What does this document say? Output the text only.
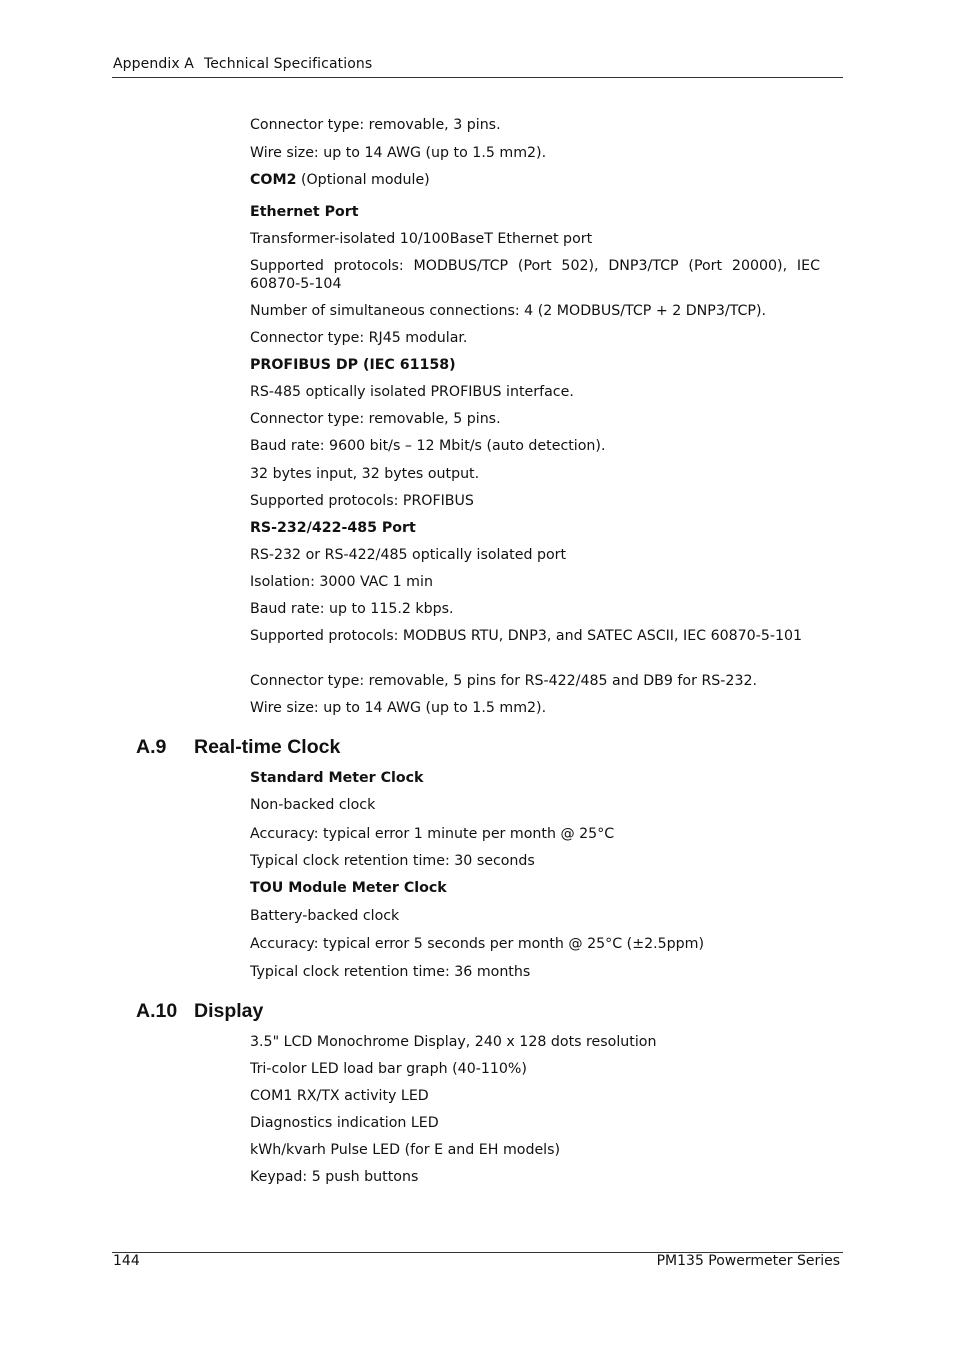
Appendix A Technical Specifications
Connector type: removable, 3 pins.
Wire size: up to 14 AWG (up to 1.5 mm2).
COM2 (Optional module)
Ethernet Port
Transformer-isolated 10/100BaseT Ethernet port
Supported protocols: MODBUS/TCP (Port 502), DNP3/TCP (Port 20000), IEC 60870-5-104
Number of simultaneous connections: 4 (2 MODBUS/TCP + 2 DNP3/TCP).
Connector type: RJ45 modular.
PROFIBUS DP (IEC 61158)
RS-485 optically isolated PROFIBUS interface.
Connector type: removable, 5 pins.
Baud rate: 9600 bit/s – 12 Mbit/s (auto detection).
32 bytes input, 32 bytes output.
Supported protocols: PROFIBUS
RS-232/422-485 Port
RS-232 or RS-422/485 optically isolated port
Isolation: 3000 VAC 1 min
Baud rate: up to 115.2 kbps.
Supported protocols: MODBUS RTU, DNP3, and SATEC ASCII, IEC 60870-5-101
Connector type: removable, 5 pins for RS-422/485 and DB9 for RS-232.
Wire size: up to 14 AWG (up to 1.5 mm2).
A.9 Real-time Clock
Standard Meter Clock
Non-backed clock
Accuracy: typical error 1 minute per month @ 25°C
Typical clock retention time: 30 seconds
TOU Module Meter Clock
Battery-backed clock
Accuracy: typical error 5 seconds per month @ 25°C (±2.5ppm)
Typical clock retention time: 36 months
A.10 Display
3.5" LCD Monochrome Display, 240 x 128 dots resolution
Tri-color LED load bar graph (40-110%)
COM1 RX/TX activity LED
Diagnostics indication LED
kWh/kvarh Pulse LED (for E and EH models)
Keypad: 5 push buttons
144	PM135 Powermeter Series
